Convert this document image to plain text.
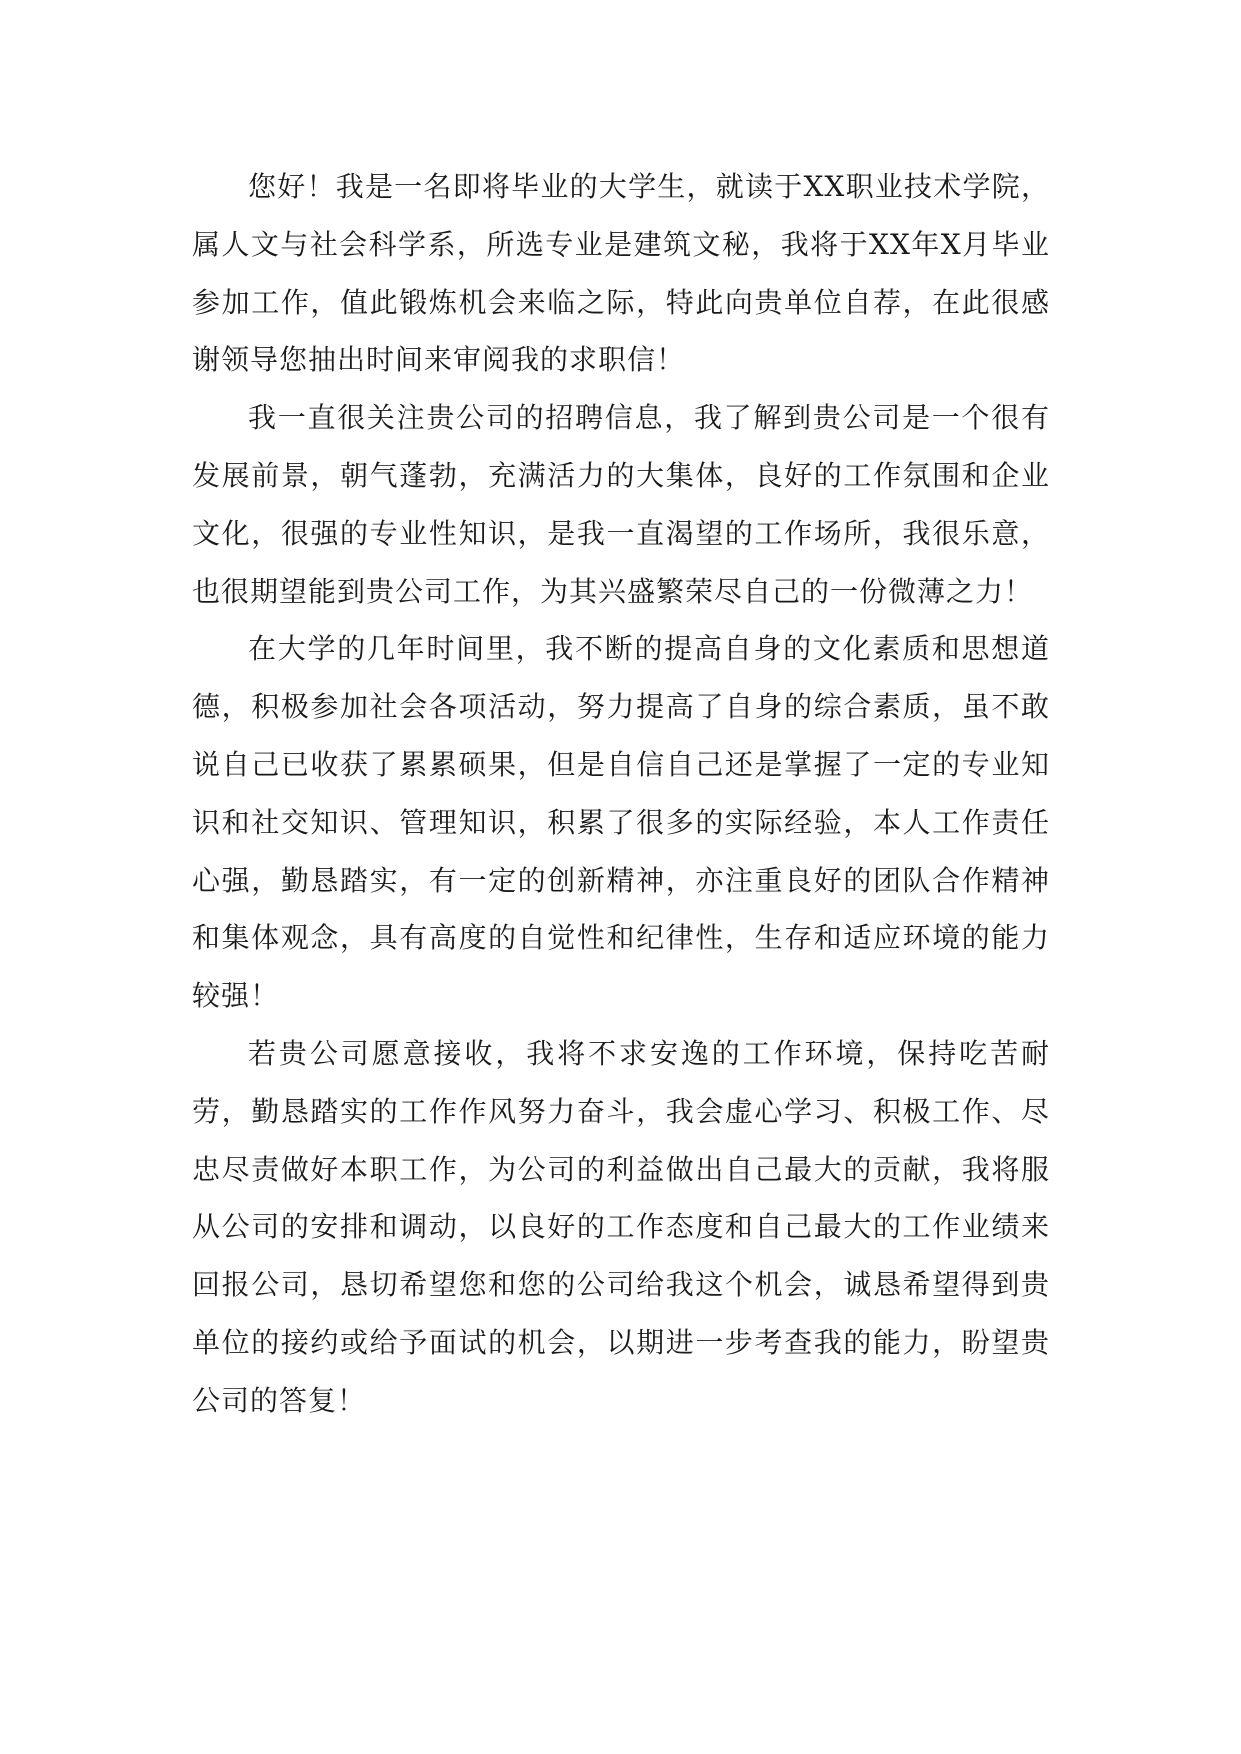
您好！我是一名即将毕业的大学生，就读于XX职业技术学院，属人文与社会科学系，所选专业是建筑文秘，我将于XX年X月毕业参加工作，值此锻炼机会来临之际，特此向贵单位自荐，在此很感谢领导您抽出时间来审阅我的求职信！

我一直很关注贵公司的招聘信息，我了解到贵公司是一个很有发展前景，朝气蓬勃，充满活力的大集体，良好的工作氛围和企业文化，很强的专业性知识，是我一直渴望的工作场所，我很乐意，也很期望能到贵公司工作，为其兴盛繁荣尽自己的一份微薄之力！

在大学的几年时间里，我不断的提高自身的文化素质和思想道德，积极参加社会各项活动，努力提高了自身的综合素质，虽不敢说自己已收获了累累硕果，但是自信自己还是掌握了一定的专业知识和社交知识、管理知识，积累了很多的实际经验，本人工作责任心强，勤恳踏实，有一定的创新精神，亦注重良好的团队合作精神和集体观念，具有高度的自觉性和纪律性，生存和适应环境的能力较强！

若贵公司愿意接收，我将不求安逸的工作环境，保持吃苦耐劳，勤恳踏实的工作作风努力奋斗，我会虚心学习、积极工作、尽忠尽责做好本职工作，为公司的利益做出自己最大的贡献，我将服从公司的安排和调动，以良好的工作态度和自己最大的工作业绩来回报公司，恳切希望您和您的公司给我这个机会，诚恳希望得到贵单位的接约或给予面试的机会，以期进一步考查我的能力，盼望贵公司的答复！
